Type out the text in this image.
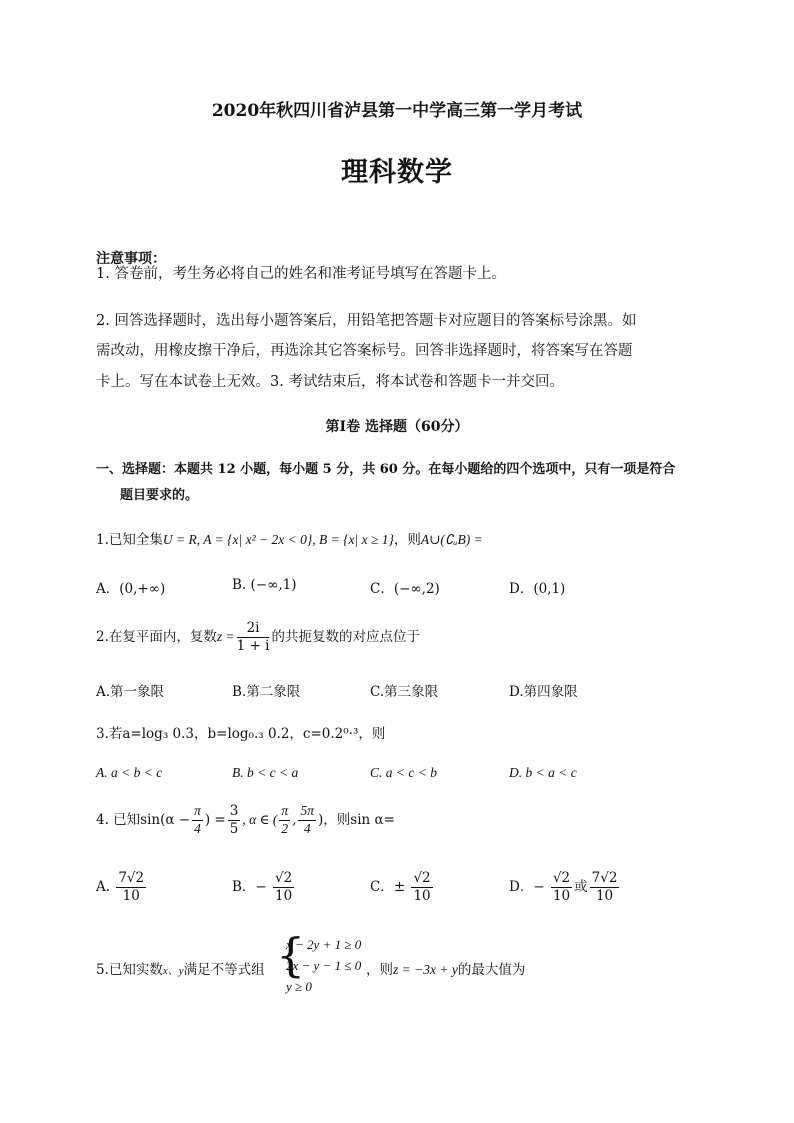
2020年秋四川省泸县第一中学高三第一学月考试
理科数学
注意事项：
1. 答卷前，考生务必将自己的姓名和准考证号填写在答题卡上。
2. 回答选择题时，选出每小题答案后，用铅笔把答题卡对应题目的答案标号涂黑。如
需改动，用橡皮擦干净后，再选涂其它答案标号。回答非选择题时，将答案写在答题
卡上。写在本试卷上无效。3. 考试结束后，将本试卷和答题卡一并交回。
第Ⅰ卷 选择题（60分）
一、选择题：本题共 12 小题，每小题 5 分，共 60 分。在每小题给的四个选项中，只有一项是符合
题目要求的。
1.已知全集U = R, A = {x| x² − 2x < 0}, B = {x| x ≥ 1}，则A∪(∁ᵤB) =
A．(0,+∞)	B. (−∞,1)	C．(−∞,2)	D．(0,1)
2.在复平面内，复数$z = \frac{2i}{1 + i}$ 的共扼复数的对应点位于
A.第一象限	B.第二象限	C.第三象限	D.第四象限
3.若a=log₃ 0.3，b=log₀.₃ 0.2，c=0.2⁰·³，则
A. a < b < c	B. b < c < a	C. a < c < b	D. b < a < c
4. 已知$\sin(\alpha - \frac{\pi}{4}$ ) = $\frac{3}{5}$ , α ∈ ( $\frac{\pi}{2}$ , $\frac{5\pi}{4}$ )，则sin α=
A. $\frac{7√2}{10}$	B．− $\frac{√2}{10}$	C．± $\frac{√2}{10}$	D．− $\frac{√2}{10}$ 或 $\frac{7√2}{10}$
5.已知实数x、y满足不等式组 {
x − 2y + 1 ≥ 0
2x − y − 1 ≤ 0
y ≥ 0
，则z = −3x + y的最大值为
